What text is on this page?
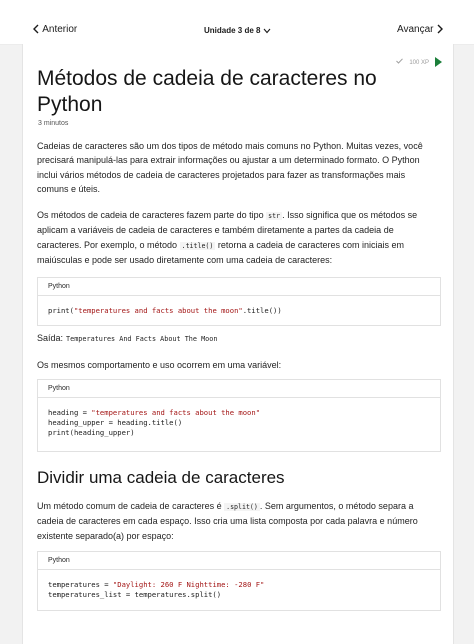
Anterior	Unidade 3 de 8	Avançar
100 XP
Métodos de cadeia de caracteres no Python
3 minutos

Cadeias de caracteres são um dos tipos de método mais comuns no Python. Muitas vezes, você precisará manipulá-las para extrair informações ou ajustar a um determinado formato. O Python inclui vários métodos de cadeia de caracteres projetados para fazer as transformações mais comuns e úteis.

Os métodos de cadeia de caracteres fazem parte do tipo str . Isso significa que os métodos se aplicam a variáveis de cadeia de caracteres e também diretamente a partes da cadeia de caracteres. Por exemplo, o método .title() retorna a cadeia de caracteres com iniciais em maiúsculas e pode ser usado diretamente com uma cadeia de caracteres:

Python
print("temperatures and facts about the moon".title())
Saída: Temperatures And Facts About The Moon

Os mesmos comportamento e uso ocorrem em uma variável:

Python
heading = "temperatures and facts about the moon"
heading_upper = heading.title()
print(heading_upper)
Dividir uma cadeia de caracteres

Um método comum de cadeia de caracteres é .split() . Sem argumentos, o método separa a cadeia de caracteres em cada espaço. Isso cria uma lista composta por cada palavra e número existente separado(a) por espaço:

Python
temperatures = "Daylight: 260 F Nighttime: -280 F"
temperatures_list = temperatures.split()
